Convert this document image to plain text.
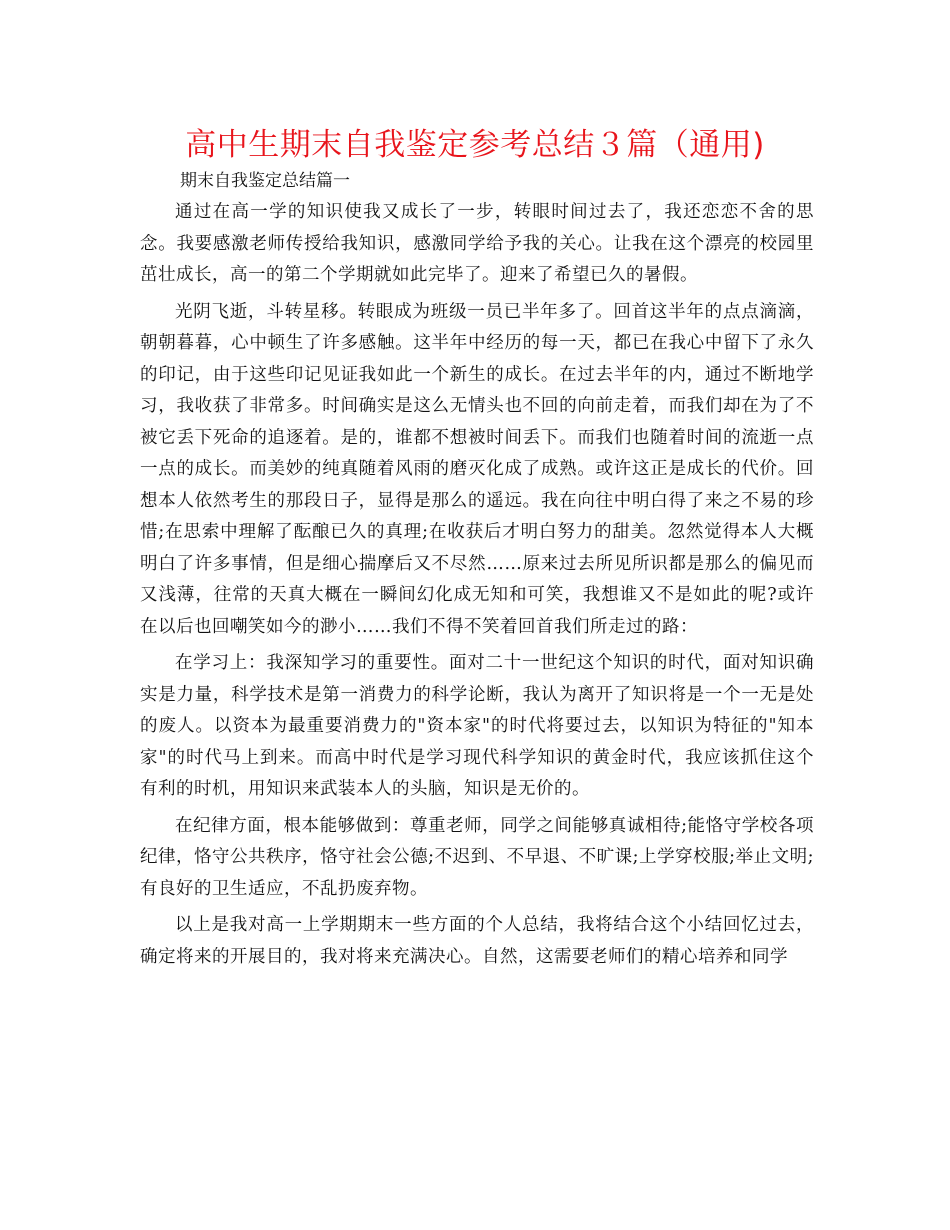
高中生期末自我鉴定参考总结３篇（通用)
期末自我鉴定总结篇一

通过在高一学的知识使我又成长了一步，转眼时间过去了，我还恋恋不舍的思念。我要感激老师传授给我知识，感激同学给予我的关心。让我在这个漂亮的校园里茁壮成长，高一的第二个学期就如此完毕了。迎来了希望已久的暑假。

光阴飞逝，斗转星移。转眼成为班级一员已半年多了。回首这半年的点点滴滴，朝朝暮暮，心中顿生了许多感触。这半年中经历的每一天，都已在我心中留下了永久的印记，由于这些印记见证我如此一个新生的成长。在过去半年的内，通过不断地学习，我收获了非常多。时间确实是这么无情头也不回的向前走着，而我们却在为了不被它丢下死命的追逐着。是的，谁都不想被时间丢下。而我们也随着时间的流逝一点一点的成长。而美妙的纯真随着风雨的磨灭化成了成熟。或许这正是成长的代价。回想本人依然考生的那段日子，显得是那么的遥远。我在向往中明白得了来之不易的珍惜;在思索中理解了酝酿已久的真理;在收获后才明白努力的甜美。忽然觉得本人大概明白了许多事情，但是细心揣摩后又不尽然……原来过去所见所识都是那么的偏见而又浅薄，往常的天真大概在一瞬间幻化成无知和可笑，我想谁又不是如此的呢?或许在以后也回嘲笑如今的渺小……我们不得不笑着回首我们所走过的路：

在学习上：我深知学习的重要性。面对二十一世纪这个知识的时代，面对知识确实是力量，科学技术是第一消费力的科学论断，我认为离开了知识将是一个一无是处的废人。以资本为最重要消费力的"资本家"的时代将要过去，以知识为特征的"知本家"的时代马上到来。而高中时代是学习现代科学知识的黄金时代，我应该抓住这个有利的时机，用知识来武装本人的头脑，知识是无价的。

在纪律方面，根本能够做到：尊重老师，同学之间能够真诚相待;能恪守学校各项纪律，恪守公共秩序，恪守社会公德;不迟到、不早退、不旷课;上学穿校服;举止文明;有良好的卫生适应，不乱扔废弃物。

以上是我对高一上学期期末一些方面的个人总结，我将结合这个小结回忆过去，确定将来的开展目的，我对将来充满决心。自然，这需要老师们的精心培养和同学
